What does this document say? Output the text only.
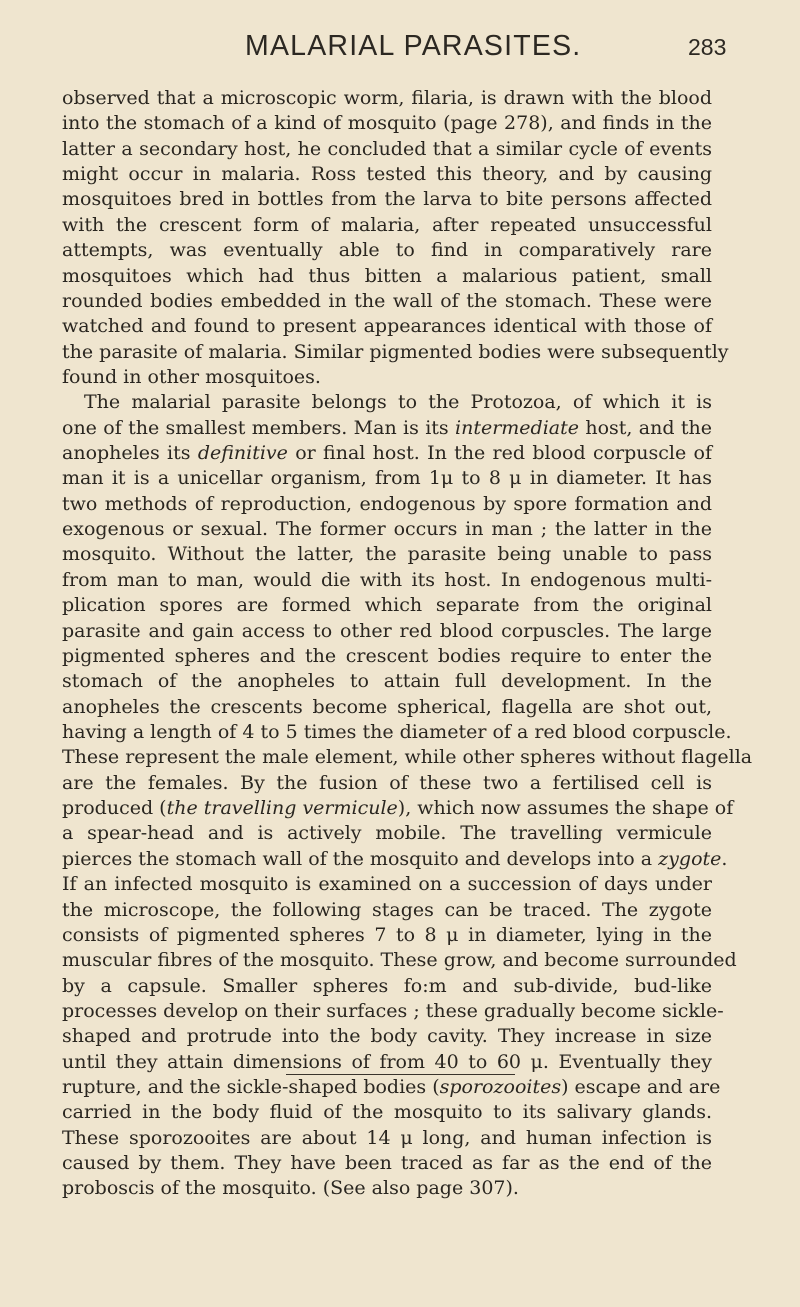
MALARIAL PARASITES.	283
observed that a microscopic worm, filaria, is drawn with the blood
into the stomach of a kind of mosquito (page 278), and finds in the
latter a secondary host, he concluded that a similar cycle of events
might occur in malaria. Ross tested this theory, and by causing
mosquitoes bred in bottles from the larva to bite persons affected
with the crescent form of malaria, after repeated unsuccessful
attempts, was eventually able to find in comparatively rare
mosquitoes which had thus bitten a malarious patient, small
rounded bodies embedded in the wall of the stomach. These were
watched and found to present appearances identical with those of
the parasite of malaria. Similar pigmented bodies were subsequently
found in other mosquitoes.
The malarial parasite belongs to the Protozoa, of which it is
one of the smallest members. Man is its intermediate host, and the
anopheles its definitive or final host. In the red blood corpuscle of
man it is a unicellar organism, from 1μ to 8 μ in diameter. It has
two methods of reproduction, endogenous by spore formation and
exogenous or sexual. The former occurs in man ; the latter in the
mosquito. Without the latter, the parasite being unable to pass
from man to man, would die with its host. In endogenous multi-
plication spores are formed which separate from the original
parasite and gain access to other red blood corpuscles. The large
pigmented spheres and the crescent bodies require to enter the
stomach of the anopheles to attain full development. In the
anopheles the crescents become spherical, flagella are shot out,
having a length of 4 to 5 times the diameter of a red blood corpuscle.
These represent the male element, while other spheres without flagella
are the females. By the fusion of these two a fertilised cell is
produced (the travelling vermicule), which now assumes the shape of
a spear-head and is actively mobile. The travelling vermicule
pierces the stomach wall of the mosquito and develops into a zygote.
If an infected mosquito is examined on a succession of days under
the microscope, the following stages can be traced. The zygote
consists of pigmented spheres 7 to 8 μ in diameter, lying in the
muscular fibres of the mosquito. These grow, and become surrounded
by a capsule. Smaller spheres fo:m and sub-divide, bud-like
processes develop on their surfaces ; these gradually become sickle-
shaped and protrude into the body cavity. They increase in size
until they attain dimensions of from 40 to 60 μ. Eventually they
rupture, and the sickle-shaped bodies (sporozooites) escape and are
carried in the body fluid of the mosquito to its salivary glands.
These sporozooites are about 14 μ long, and human infection is
caused by them. They have been traced as far as the end of the
proboscis of the mosquito. (See also page 307).
